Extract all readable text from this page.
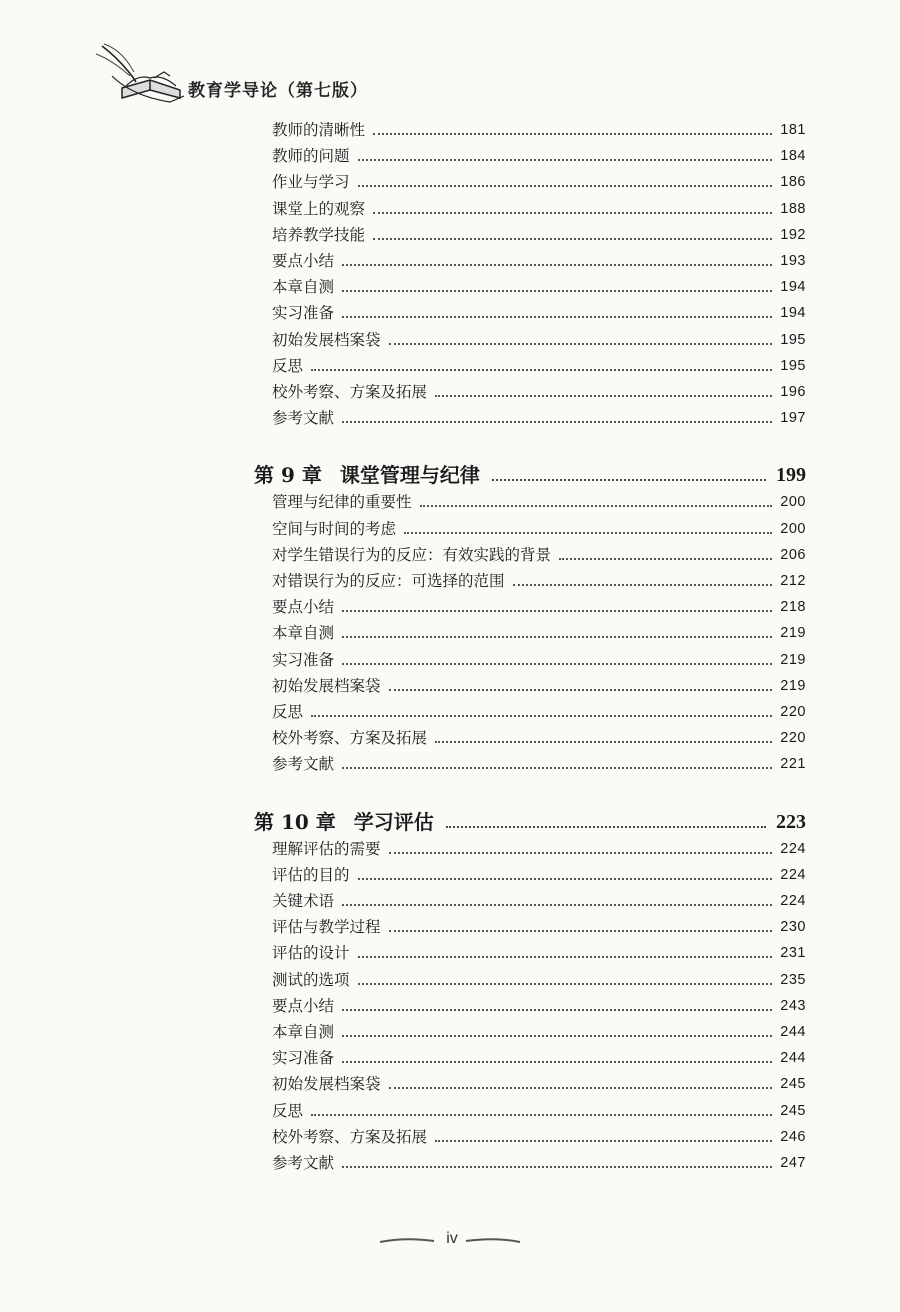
教育学导论（第七版）
教师的清晰性	181
教师的问题	184
作业与学习	186
课堂上的观察	188
培养教学技能	192
要点小结	193
本章自测	194
实习准备	194
初始发展档案袋	195
反思	195
校外考察、方案及拓展	196
参考文献	197
第 9 章 课堂管理与纪律	199
管理与纪律的重要性	200
空间与时间的考虑	200
对学生错误行为的反应：有效实践的背景	206
对错误行为的反应：可选择的范围	212
要点小结	218
本章自测	219
实习准备	219
初始发展档案袋	219
反思	220
校外考察、方案及拓展	220
参考文献	221
第 10 章 学习评估	223
理解评估的需要	224
评估的目的	224
关键术语	224
评估与教学过程	230
评估的设计	231
测试的选项	235
要点小结	243
本章自测	244
实习准备	244
初始发展档案袋	245
反思	245
校外考察、方案及拓展	246
参考文献	247
iv
